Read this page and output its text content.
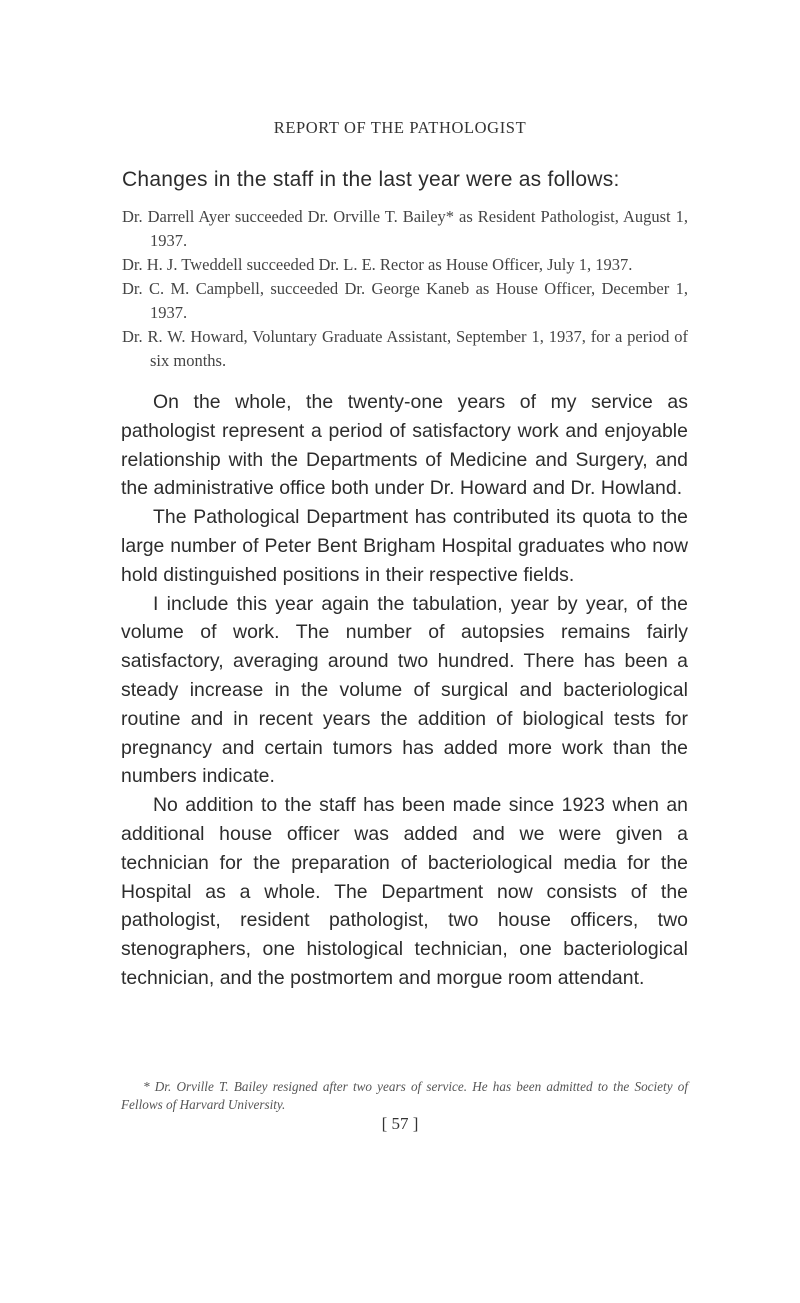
REPORT OF THE PATHOLOGIST
Changes in the staff in the last year were as follows:
Dr. Darrell Ayer succeeded Dr. Orville T. Bailey* as Resident Pathologist, August 1, 1937.
Dr. H. J. Tweddell succeeded Dr. L. E. Rector as House Officer, July 1, 1937.
Dr. C. M. Campbell, succeeded Dr. George Kaneb as House Officer, December 1, 1937.
Dr. R. W. Howard, Voluntary Graduate Assistant, September 1, 1937, for a period of six months.

On the whole, the twenty-one years of my service as pathologist represent a period of satisfactory work and enjoyable relationship with the Departments of Medicine and Surgery, and the administrative office both under Dr. Howard and Dr. Howland.

The Pathological Department has contributed its quota to the large number of Peter Bent Brigham Hospital graduates who now hold distinguished positions in their respective fields.

I include this year again the tabulation, year by year, of the volume of work. The number of autopsies remains fairly satisfactory, averaging around two hundred. There has been a steady increase in the volume of surgical and bacteriological routine and in recent years the addition of biological tests for pregnancy and certain tumors has added more work than the numbers indicate.

No addition to the staff has been made since 1923 when an additional house officer was added and we were given a technician for the preparation of bacteriological media for the Hospital as a whole. The Department now consists of the pathologist, resident pathologist, two house officers, two stenographers, one histological technician, one bacteriological technician, and the postmortem and morgue room attendant.

* Dr. Orville T. Bailey resigned after two years of service. He has been admitted to the Society of Fellows of Harvard University.
[ 57 ]
